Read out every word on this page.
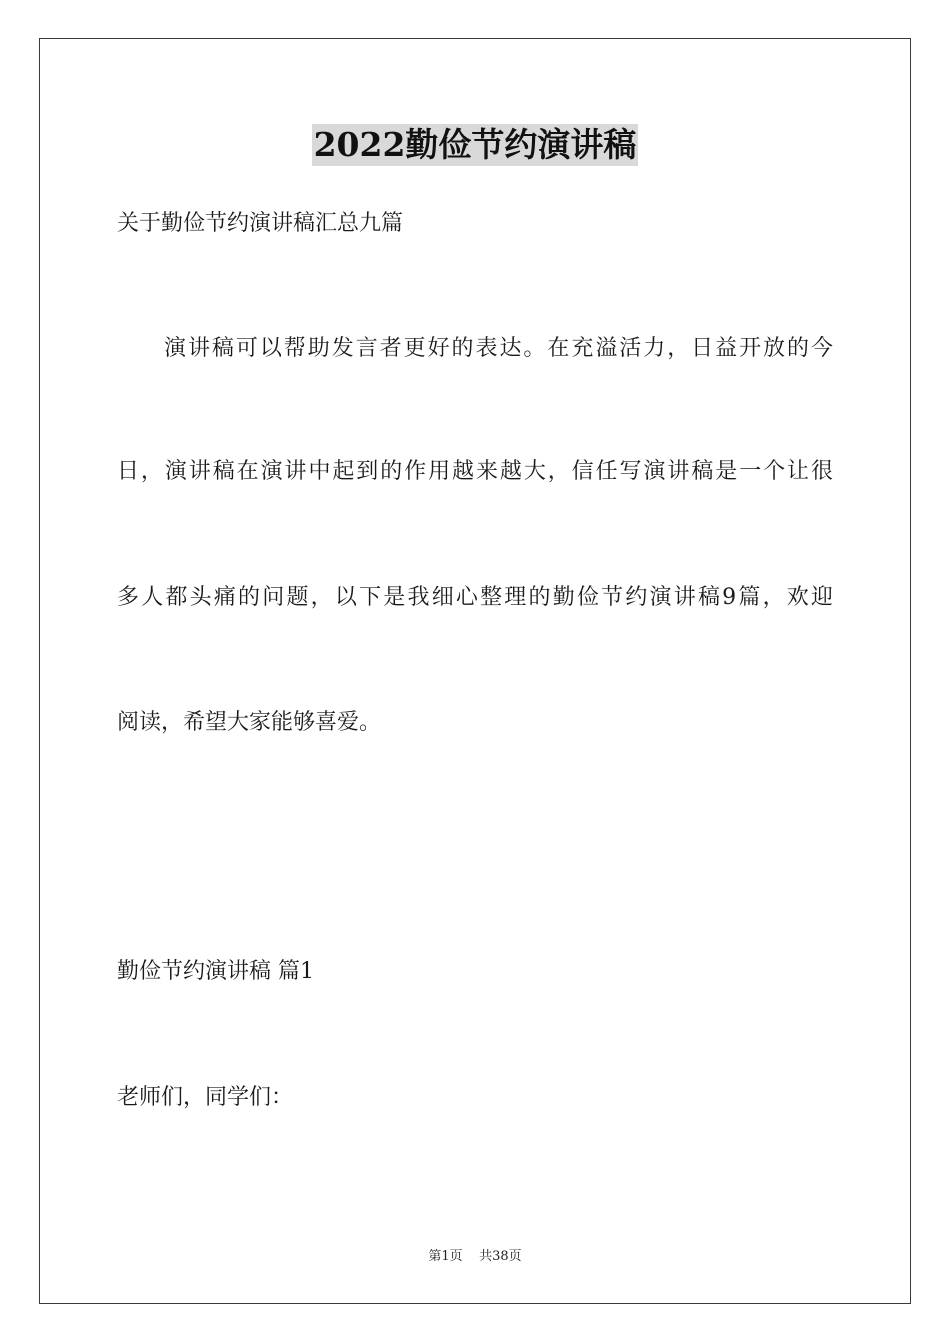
2022勤俭节约演讲稿
关于勤俭节约演讲稿汇总九篇
演讲稿可以帮助发言者更好的表达。在充溢活力，日益开放的今
日，演讲稿在演讲中起到的作用越来越大，信任写演讲稿是一个让很
多人都头痛的问题，以下是我细心整理的勤俭节约演讲稿9篇，欢迎
阅读，希望大家能够喜爱。
勤俭节约演讲稿 篇1
老师们，同学们：
第1页 共38页
